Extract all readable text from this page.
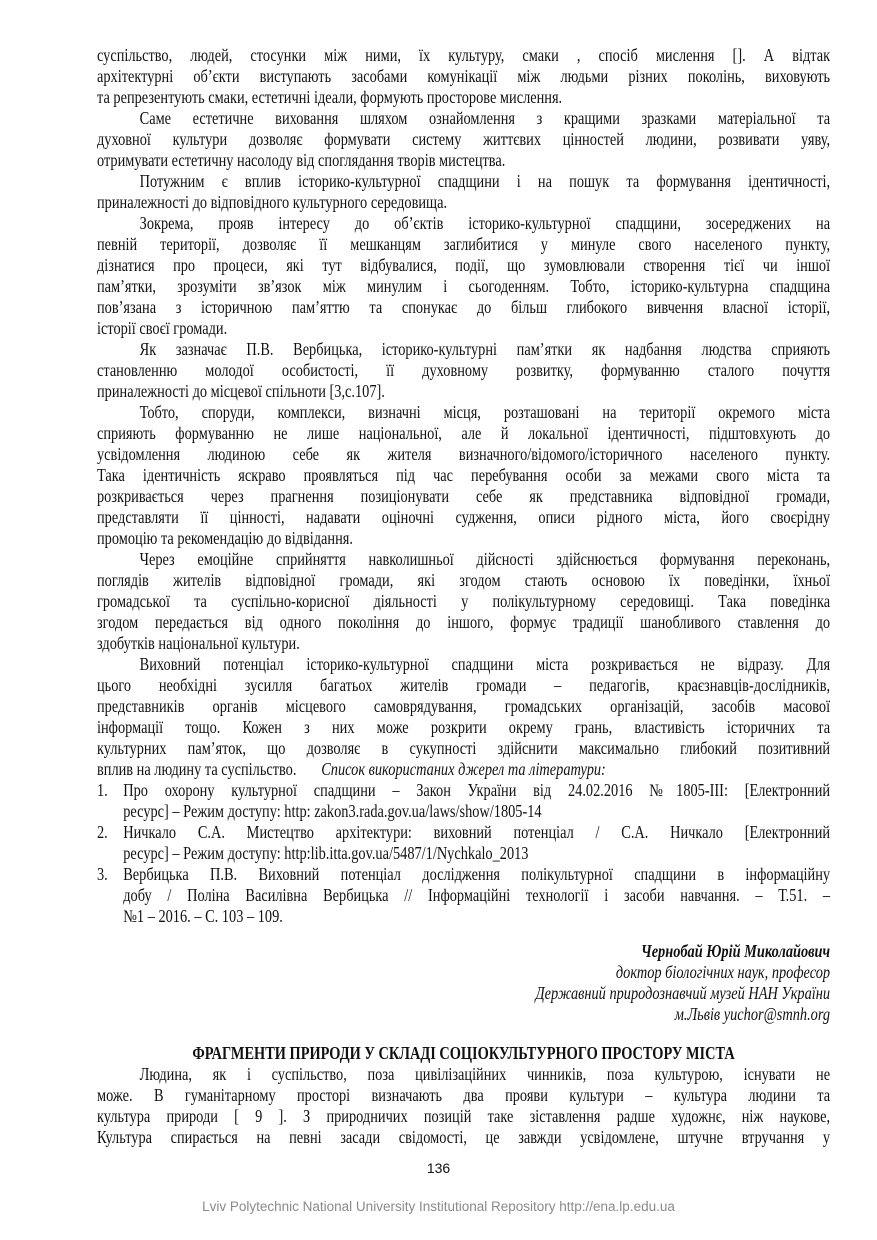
суспільство, людей, стосунки між ними, їх культуру, смаки , спосіб мислення []. А відтак
архітектурні об’єкти виступають засобами комунікації між людьми різних поколінь, виховують
та репрезентують смаки, естетичні ідеали, формують просторове мислення.
Саме естетичне виховання шляхом ознайомлення з кращими зразками матеріальної та
духовної культури дозволяє формувати систему життєвих цінностей людини, розвивати уяву,
отримувати естетичну насолоду від споглядання творів мистецтва.
Потужним є вплив історико-культурної спадщини і на пошук та формування ідентичності,
приналежності до відповідного культурного середовища.
Зокрема, прояв інтересу до об’єктів історико-культурної спадщини, зосереджених на
певній території, дозволяє її мешканцям заглибитися у минуле свого населеного пункту,
дізнатися про процеси, які тут відбувалися, події, що зумовлювали створення тієї чи іншої
пам’ятки, зрозуміти зв’язок між минулим і сьогоденням. Тобто, історико-культурна спадщина
пов’язана з історичною пам’яттю та спонукає до більш глибокого вивчення власної історії,
історії своєї громади.
Як зазначає П.В. Вербицька, історико-культурні пам’ятки як надбання людства сприяють
становленню молодої особистості, її духовному розвитку, формуванню сталого почуття
приналежності до місцевої спільноти [3,с.107].
Тобто, споруди, комплекси, визначні місця, розташовані на території окремого міста
сприяють формуванню не лише національної, але й локальної ідентичності, підштовхують до
усвідомлення людиною себе як жителя визначного/відомого/історичного населеного пункту.
Така ідентичність яскраво проявляться під час перебування особи за межами свого міста та
розкривається через прагнення позиціонувати себе як представника відповідної громади,
представляти її цінності, надавати оціночні судження, описи рідного міста, його своєрідну
промоцію та рекомендацію до відвідання.
Через емоційне сприйняття навколишньої дійсності здійснюється формування переконань,
поглядів жителів відповідної громади, які згодом стають основою їх поведінки, їхньої
громадської та суспільно-корисної діяльності у полікультурному середовищі. Така поведінка
згодом передається від одного покоління до іншого, формує традиції шанобливого ставлення до
здобутків національної культури.
Виховний потенціал історико-культурної спадщини міста розкривається не відразу. Для
цього необхідні зусилля багатьох жителів громади – педагогів, краєзнавців-дослідників,
представників органів місцевого самоврядування, громадських організацій, засобів масової
інформації тощо. Кожен з них може розкрити окрему грань, властивість історичних та
культурних пам’яток, що дозволяє в сукупності здійснити максимально глибокий позитивний
вплив на людину та суспільство.	Список використаних джерел та літератури:
1. Про охорону культурної спадщини – Закон України від 24.02.2016 №1805-III: [Електронний
ресурс] – Режим доступу: http: zakon3.rada.gov.ua/laws/show/1805-14
2. Ничкало С.А. Мистецтво архітектури: виховний потенціал / С.А. Ничкало [Електронний
ресурс] – Режим доступу: http:lib.itta.gov.ua/5487/1/Nychkalo_2013
3. Вербицька П.В. Виховний потенціал дослідження полікультурної спадщини в інформаційну
добу / Поліна Василівна Вербицька // Інформаційні технології і засоби навчання. – Т.51. –
№1 – 2016. – С. 103 – 109.
Чернобай Юрій Миколайович
доктор біологічних наук, професор
Державний природознавчий музей НАН України
м.Львів yuchor@smnh.org
ФРАГМЕНТИ ПРИРОДИ У СКЛАДІ СОЦІОКУЛЬТУРНОГО ПРОСТОРУ МІСТА
Людина, як і суспільство, поза цивілізаційних чинників, поза культурою, існувати не
може. В гуманітарному просторі визначають два прояви культури – культура людини та
культура природи [ 9 ]. З природничих позицій таке зіставлення радше художнє, ніж наукове,
Культура спирається на певні засади свідомості, це завжди усвідомлене, штучне втручання у
136
Lviv Polytechnic National University Institutional Repository http://ena.lp.edu.ua
